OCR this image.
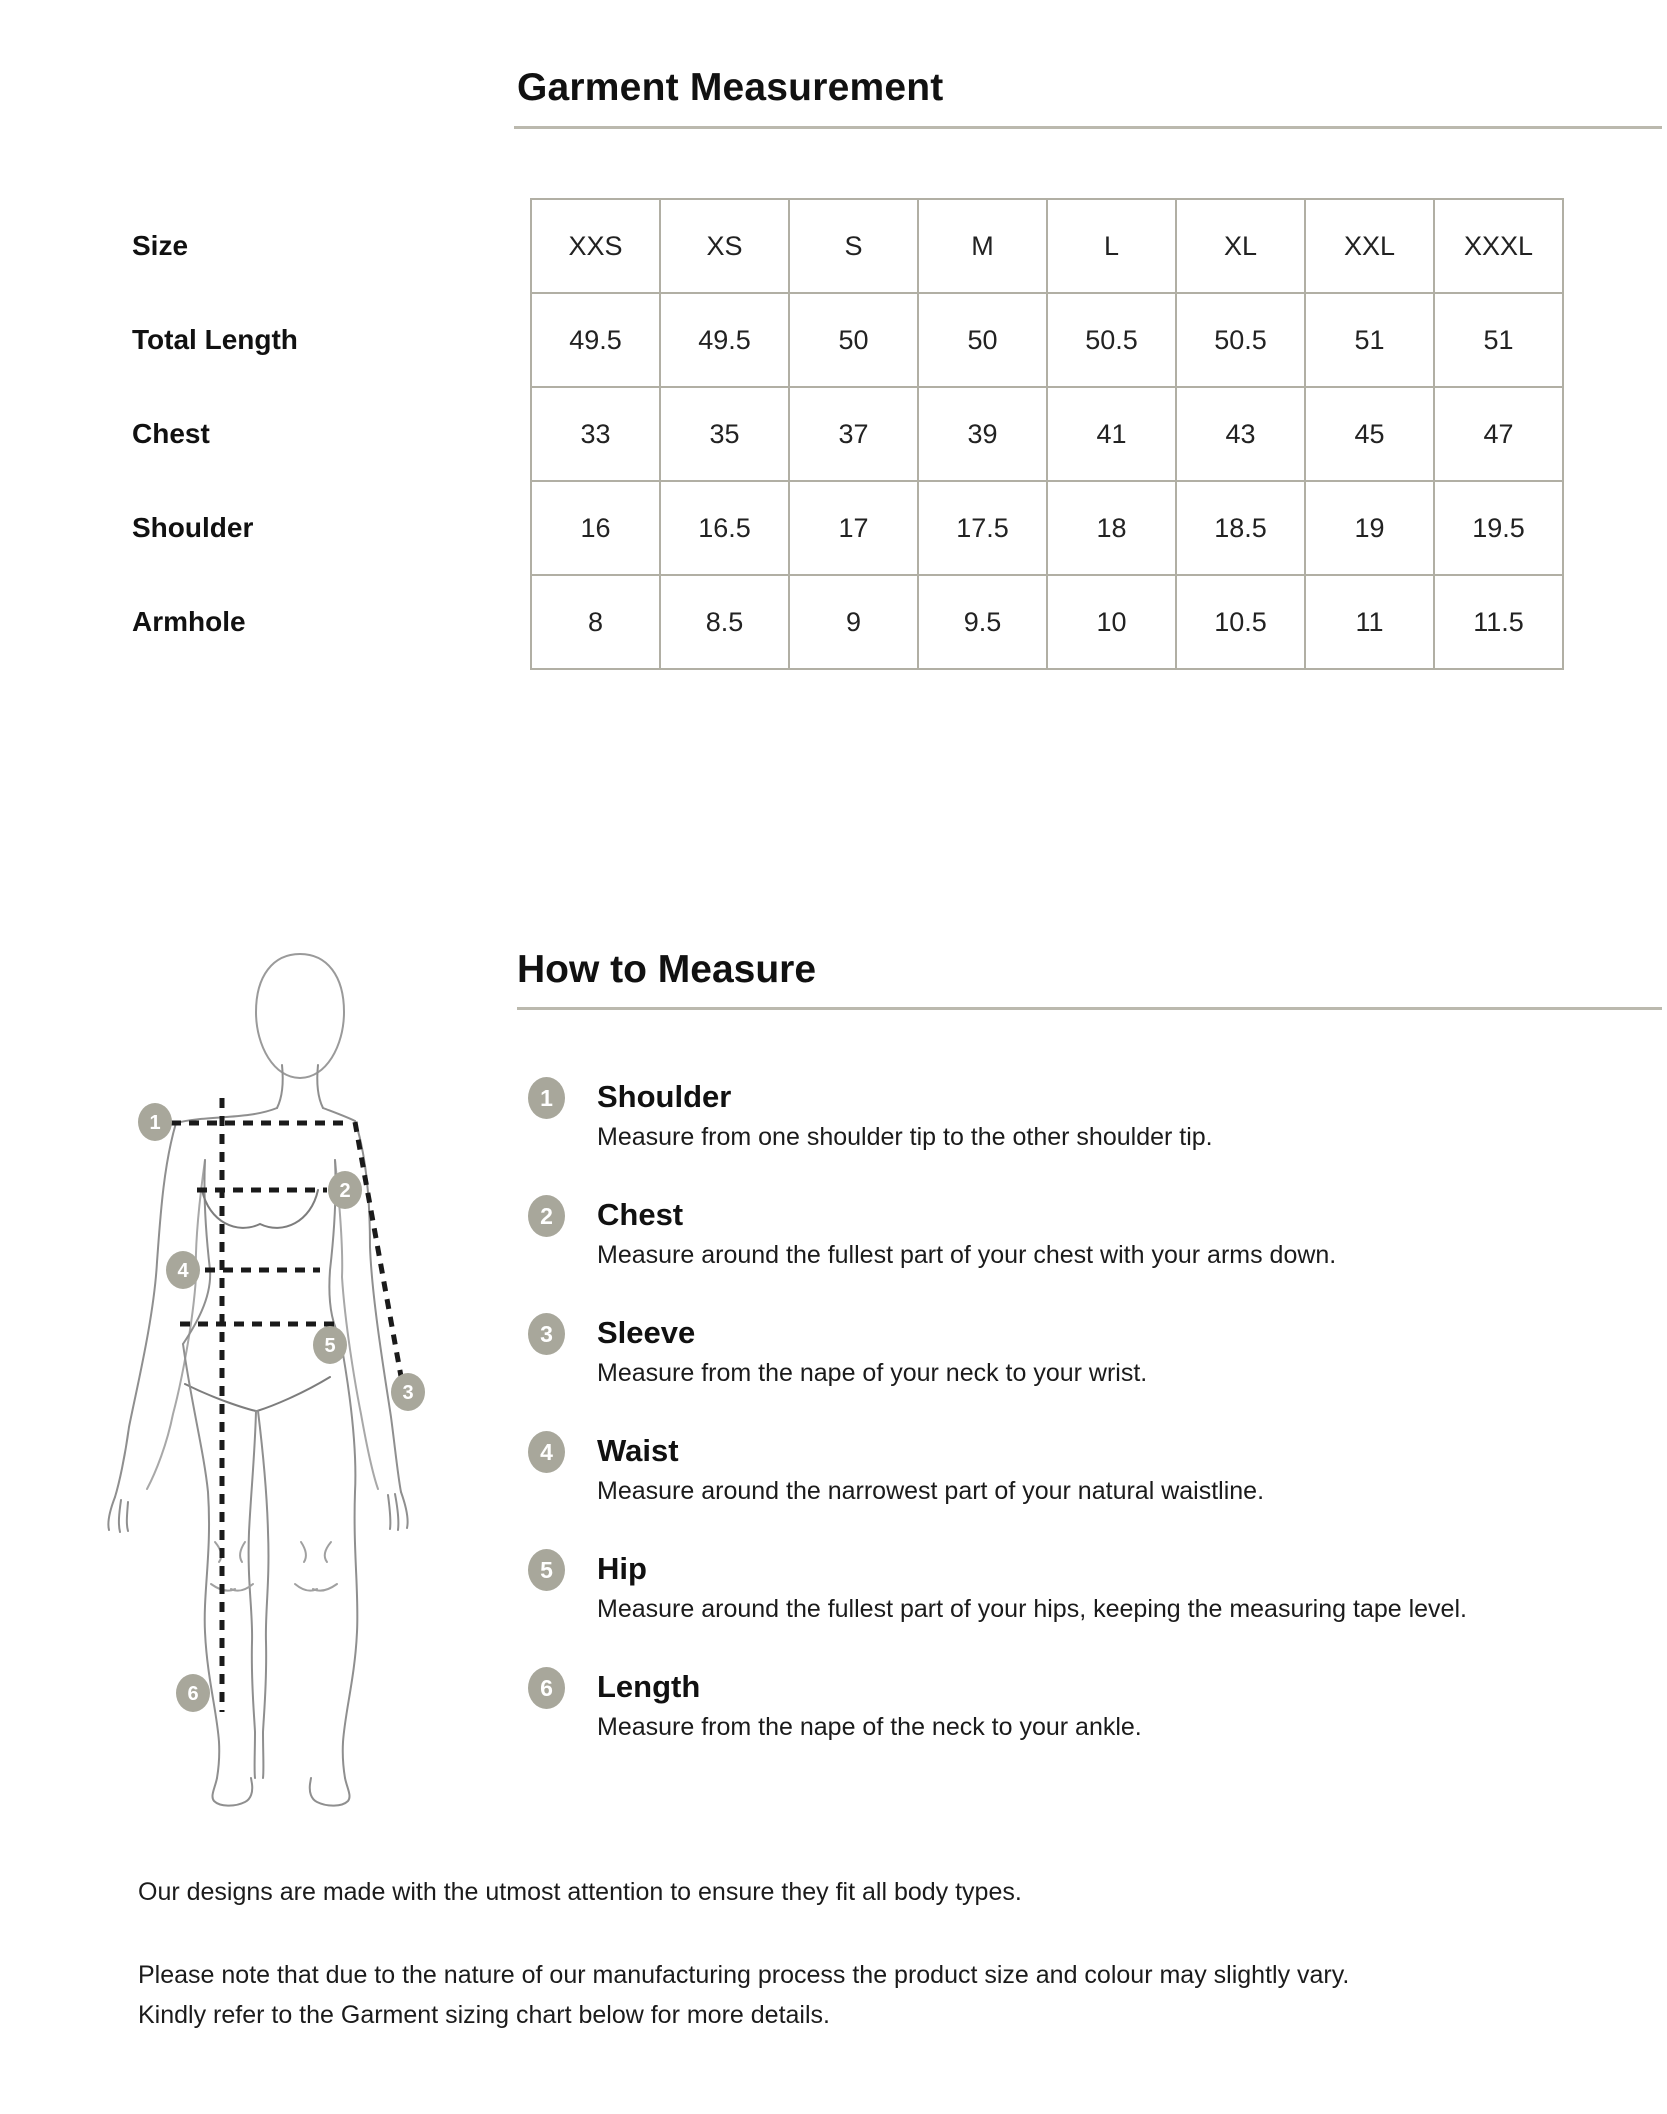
Garment Measurement
Size	XXS	XS	S	M	L	XL	XXL	XXXL
Total Length	49.5	49.5	50	50	50.5	50.5	51	51
Chest	33	35	37	39	41	43	45	47
Shoulder	16	16.5	17	17.5	18	18.5	19	19.5
Armhole	8	8.5	9	9.5	10	10.5	11	11.5
1
2
3
4
5
6
How to Measure
1	Shoulder
Measure from one shoulder tip to the other shoulder tip.
2	Chest
Measure around the fullest part of your chest with your arms down.
3	Sleeve
Measure from the nape of your neck to your wrist.
4	Waist
Measure around the narrowest part of your natural waistline.
5	Hip
Measure around the fullest part of your hips, keeping the measuring tape level.
6	Length
Measure from the nape of the neck to your ankle.
Our designs are made with the utmost attention to ensure they fit all body types.
Please note that due to the nature of our manufacturing process the product size and colour may slightly vary.
Kindly refer to the Garment sizing chart below for more details.
